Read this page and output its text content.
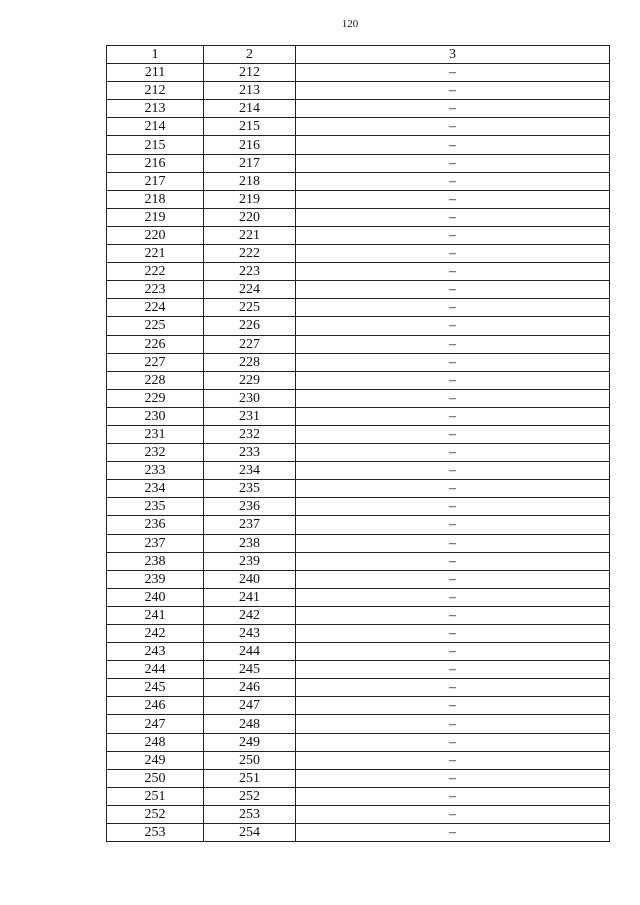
120
1	2	3
211	212	–
212	213	–
213	214	–
214	215	–
215	216	–
216	217	–
217	218	–
218	219	–
219	220	–
220	221	–
221	222	–
222	223	–
223	224	–
224	225	–
225	226	–
226	227	–
227	228	–
228	229	–
229	230	–
230	231	–
231	232	–
232	233	–
233	234	–
234	235	–
235	236	–
236	237	–
237	238	–
238	239	–
239	240	–
240	241	–
241	242	–
242	243	–
243	244	–
244	245	–
245	246	–
246	247	–
247	248	–
248	249	–
249	250	–
250	251	–
251	252	–
252	253	–
253	254	–
